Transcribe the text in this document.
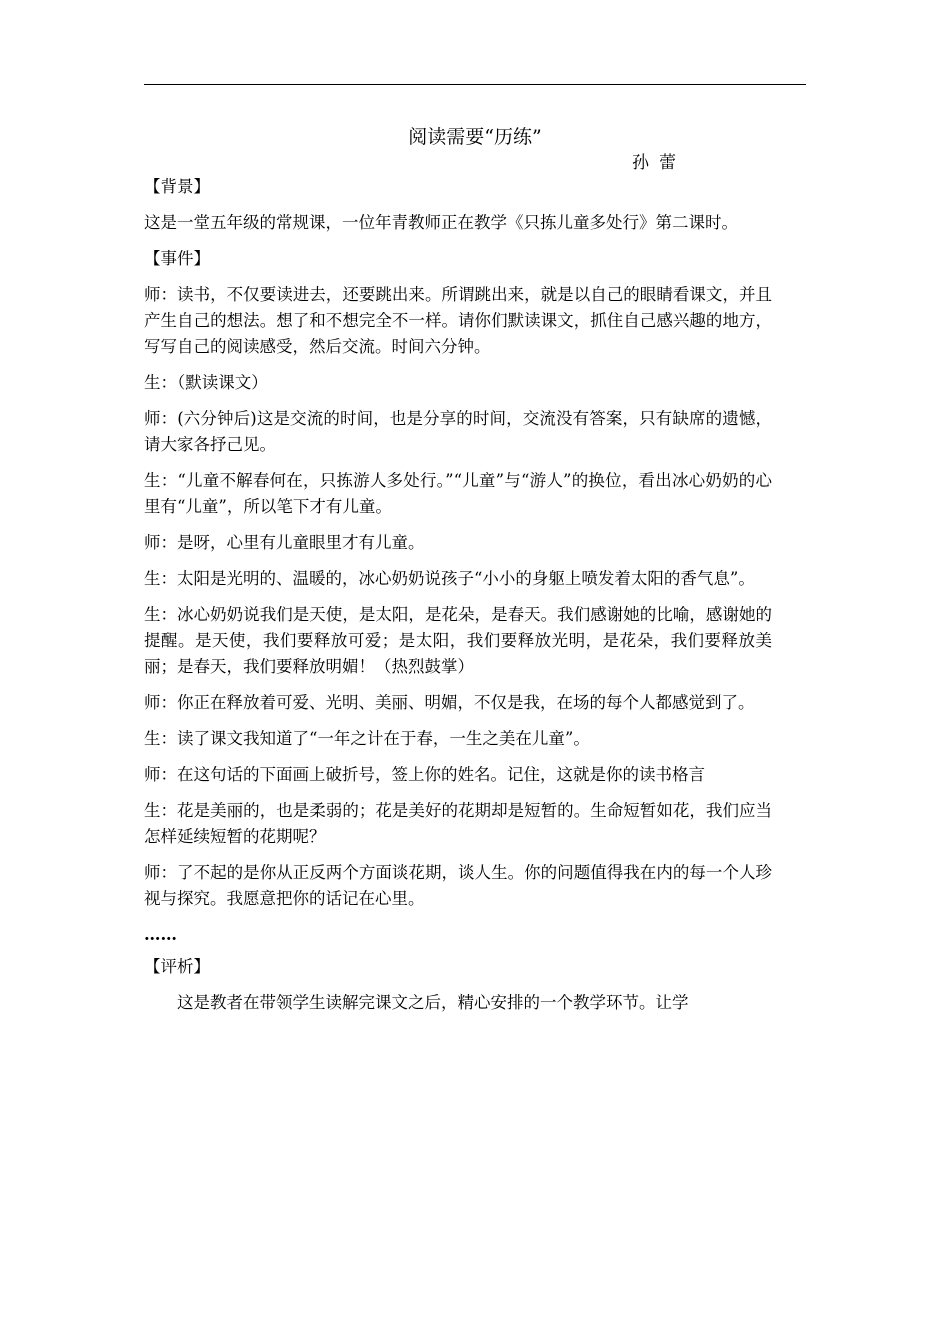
阅读需要“历练”
孙蕾

【背景】

这是一堂五年级的常规课，一位年青教师正在教学《只拣儿童多处行》第二课时。

【事件】

师：读书，不仅要读进去，还要跳出来。所谓跳出来，就是以自己的眼睛看课文，并且产生自己的想法。想了和不想完全不一样。请你们默读课文，抓住自己感兴趣的地方，写写自己的阅读感受，然后交流。时间六分钟。

生：（默读课文）

师：(六分钟后)这是交流的时间，也是分享的时间，交流没有答案，只有缺席的遗憾，请大家各抒己见。

生：“儿童不解春何在，只拣游人多处行。”“儿童”与“游人”的换位，看出冰心奶奶的心里有“儿童”，所以笔下才有儿童。

师：是呀，心里有儿童眼里才有儿童。

生：太阳是光明的、温暖的，冰心奶奶说孩子“小小的身躯上喷发着太阳的香气息”。

生：冰心奶奶说我们是天使，是太阳，是花朵，是春天。我们感谢她的比喻，感谢她的提醒。是天使，我们要释放可爱；是太阳，我们要释放光明，是花朵，我们要释放美丽；是春天，我们要释放明媚！（热烈鼓掌）

师：你正在释放着可爱、光明、美丽、明媚，不仅是我，在场的每个人都感觉到了。

生：读了课文我知道了“一年之计在于春，一生之美在儿童”。

师：在这句话的下面画上破折号，签上你的姓名。记住，这就是你的读书格言

生：花是美丽的，也是柔弱的；花是美好的花期却是短暂的。生命短暂如花，我们应当怎样延续短暂的花期呢？

师：了不起的是你从正反两个方面谈花期，谈人生。你的问题值得我在内的每一个人珍视与探究。我愿意把你的话记在心里。

……

【评析】

这是教者在带领学生读解完课文之后，精心安排的一个教学环节。让学
